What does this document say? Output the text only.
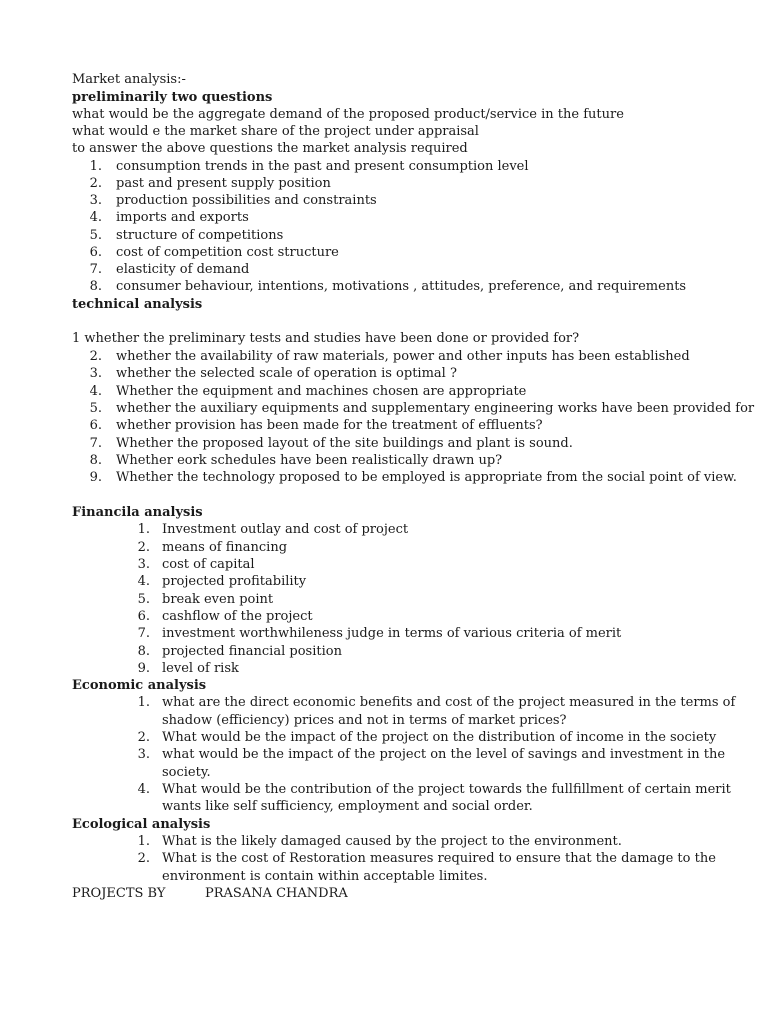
Market analysis:-
preliminarily two questions
what would be the aggregate demand of the proposed product/service in the future
what would e the market share of the project under appraisal
to answer the above questions the market analysis required
1. consumption trends in the past and present consumption level
2. past and present supply position
3. production possibilities and constraints
4. imports and exports
5. structure of competitions
6. cost of competition cost structure
7. elasticity of demand
8. consumer behaviour, intentions, motivations , attitudes, preference, and requirements
technical analysis
1 whether the preliminary tests and studies have been done or provided for?
2. whether the availability of raw materials, power and other inputs has been established
3. whether the selected scale of operation is optimal ?
4. Whether the equipment and machines chosen are appropriate
5. whether the auxiliary equipments and supplementary engineering works have been provided for
6. whether provision has been made for the treatment of effluents?
7. Whether the proposed layout of the site buildings and plant is sound.
8. Whether eork schedules have been realistically drawn up?
9. Whether the technology proposed to be employed is appropriate from the social point of view.
Financila analysis
1. Investment outlay and cost of project
2. means of financing
3. cost of capital
4. projected profitability
5. break even point
6. cashflow of the project
7. investment worthwhileness judge in terms of various criteria of merit
8. projected financial position
9. level of risk
Economic analysis
1. what are the direct economic benefits and cost of the project measured in the terms of
shadow (efficiency) prices and not in terms of market prices?
2. What would be the impact of the project on the distribution of income in the society
3. what would be the impact of the project on the level of savings and investment in the
society.
4. What would be the contribution of the project towards the fullfillment of certain merit
wants like self sufficiency, employment and social order.
Ecological analysis
1. What is the likely damaged caused by the project to the environment.
2. What is the cost of Restoration measures required to ensure that the damage to the
environment is contain within acceptable limites.
PROJECTS BY	PRASANA CHANDRA
